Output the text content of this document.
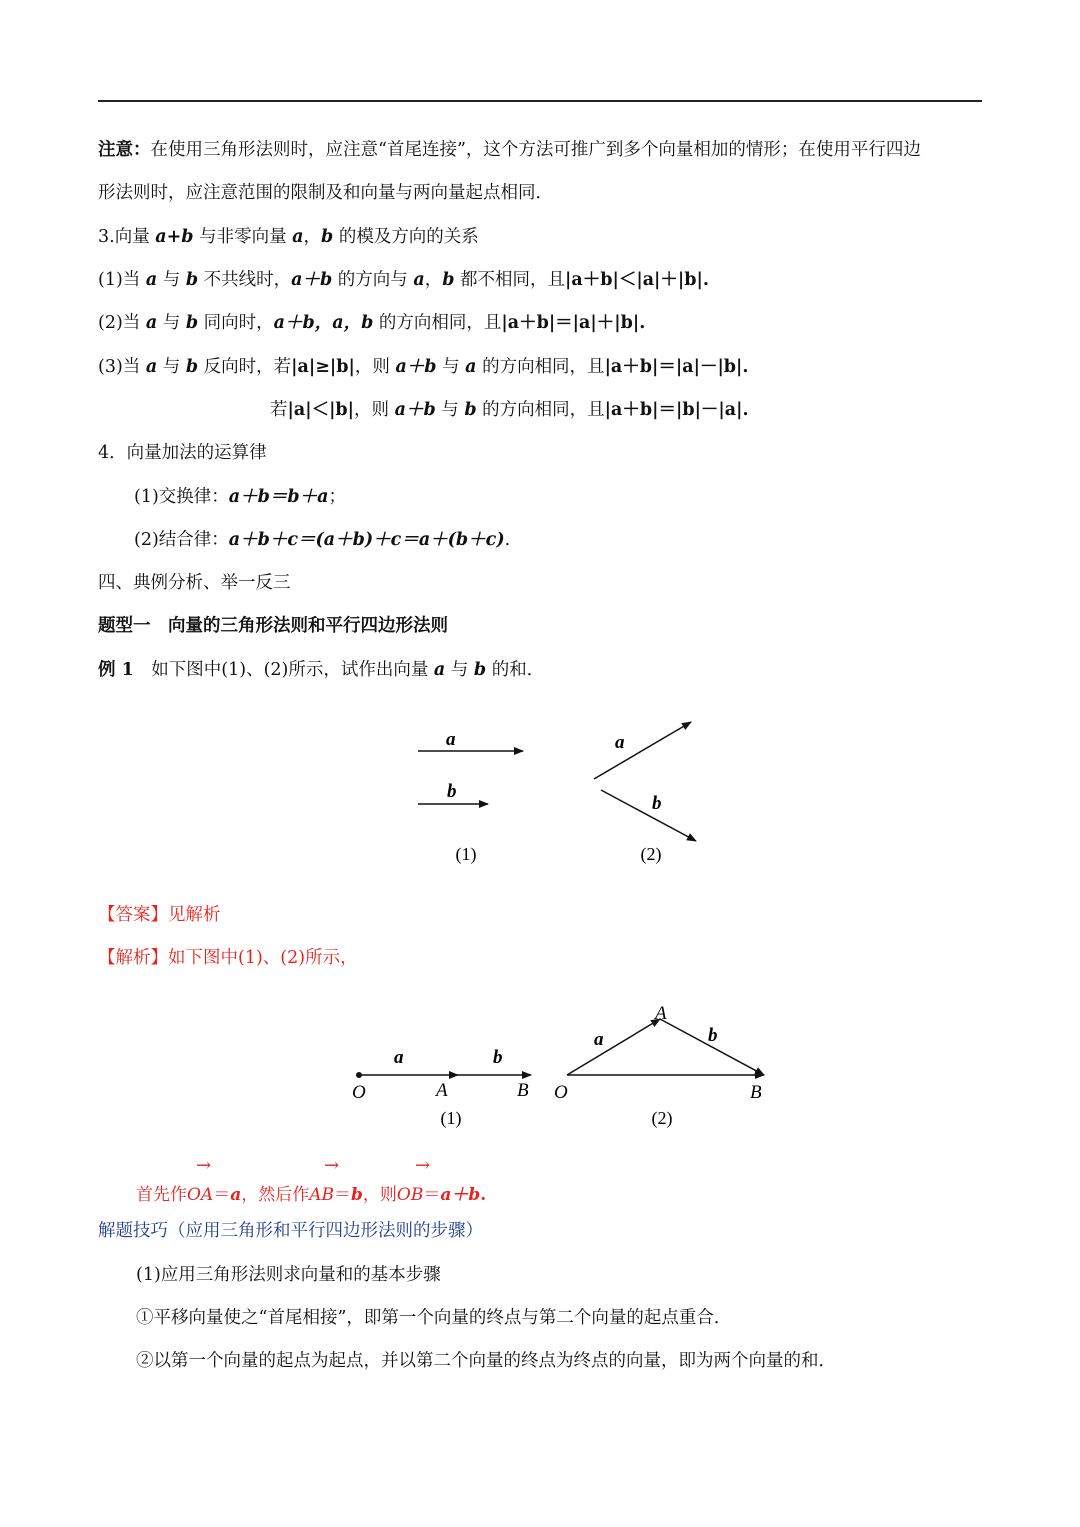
注意：在使用三角形法则时，应注意“首尾连接”，这个方法可推广到多个向量相加的情形；在使用平行四边
形法则时，应注意范围的限制及和向量与两向量起点相同．
3.向量 a+b 与非零向量 a，b 的模及方向的关系
(1)当 a 与 b 不共线时，a＋b 的方向与 a，b 都不相同，且|a＋b|＜|a|＋|b|.
(2)当 a 与 b 同向时，a＋b，a，b 的方向相同，且|a＋b|＝|a|＋|b|.
(3)当 a 与 b 反向时，若|a|≥|b|，则 a＋b 与 a 的方向相同，且|a＋b|＝|a|－|b|.
若|a|＜|b|，则 a＋b 与 b 的方向相同，且|a＋b|＝|b|－|a|.
4．向量加法的运算律
(1)交换律：a＋b＝b＋a；
(2)结合律：a＋b＋c＝(a＋b)＋c＝a＋(b＋c).
四、典例分析、举一反三
题型一　向量的三角形法则和平行四边形法则
例 1　如下图中(1)、(2)所示，试作出向量 a 与 b 的和．
a
b
(1)
a
b
(2)
【答案】见解析
【解析】如下图中(1)、(2)所示，
a	b
O	A	B
(1)
a	b
A
O	B
(2)
→	→	→
首先作OA＝a，然后作AB＝b，则OB＝a＋b.
解题技巧（应用三角形和平行四边形法则的步骤）
(1)应用三角形法则求向量和的基本步骤
①平移向量使之“首尾相接”，即第一个向量的终点与第二个向量的起点重合．
②以第一个向量的起点为起点，并以第二个向量的终点为终点的向量，即为两个向量的和．
